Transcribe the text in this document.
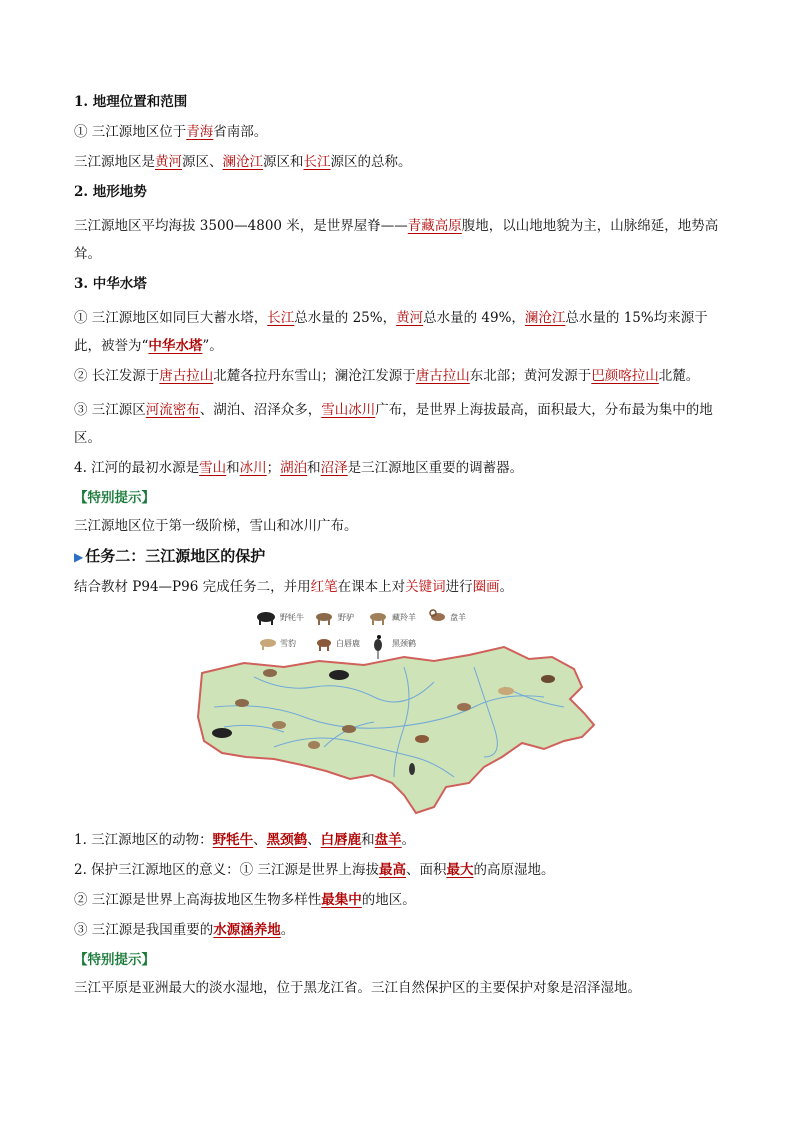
1. 地理位置和范围
① 三江源地区位于青海省南部。
三江源地区是黄河源区、澜沧江源区和长江源区的总称。
2. 地形地势
三江源地区平均海拔 3500—4800 米，是世界屋脊——青藏高原腹地，以山地地貌为主，山脉绵延，地势高耸。
3. 中华水塔
① 三江源地区如同巨大蓄水塔，长江总水量的 25%，黄河总水量的 49%，澜沧江总水量的 15%均来源于此，被誉为“中华水塔”。
② 长江发源于唐古拉山北麓各拉丹东雪山；澜沧江发源于唐古拉山东北部；黄河发源于巴颜喀拉山北麓。
③ 三江源区河流密布、湖泊、沼泽众多，雪山冰川广布，是世界上海拔最高，面积最大，分布最为集中的地区。
4. 江河的最初水源是雪山和冰川；湖泊和沼泽是三江源地区重要的调蓄器。
【特别提示】
三江源地区位于第一级阶梯，雪山和冰川广布。
▶ 任务二：三江源地区的保护
结合教材 P94—P96 完成任务二，并用红笔在课本上对关键词进行圈画。
野牦牛	野驴	藏羚羊	盘羊
雪豹	白唇鹿	黑颈鹤
1. 三江源地区的动物：野牦牛、黑颈鹤、白唇鹿和盘羊。
2. 保护三江源地区的意义：① 三江源是世界上海拔最高、面积最大的高原湿地。
② 三江源是世界上高海拔地区生物多样性最集中的地区。
③ 三江源是我国重要的水源涵养地。
【特别提示】
三江平原是亚洲最大的淡水湿地，位于黑龙江省。三江自然保护区的主要保护对象是沼泽湿地。
